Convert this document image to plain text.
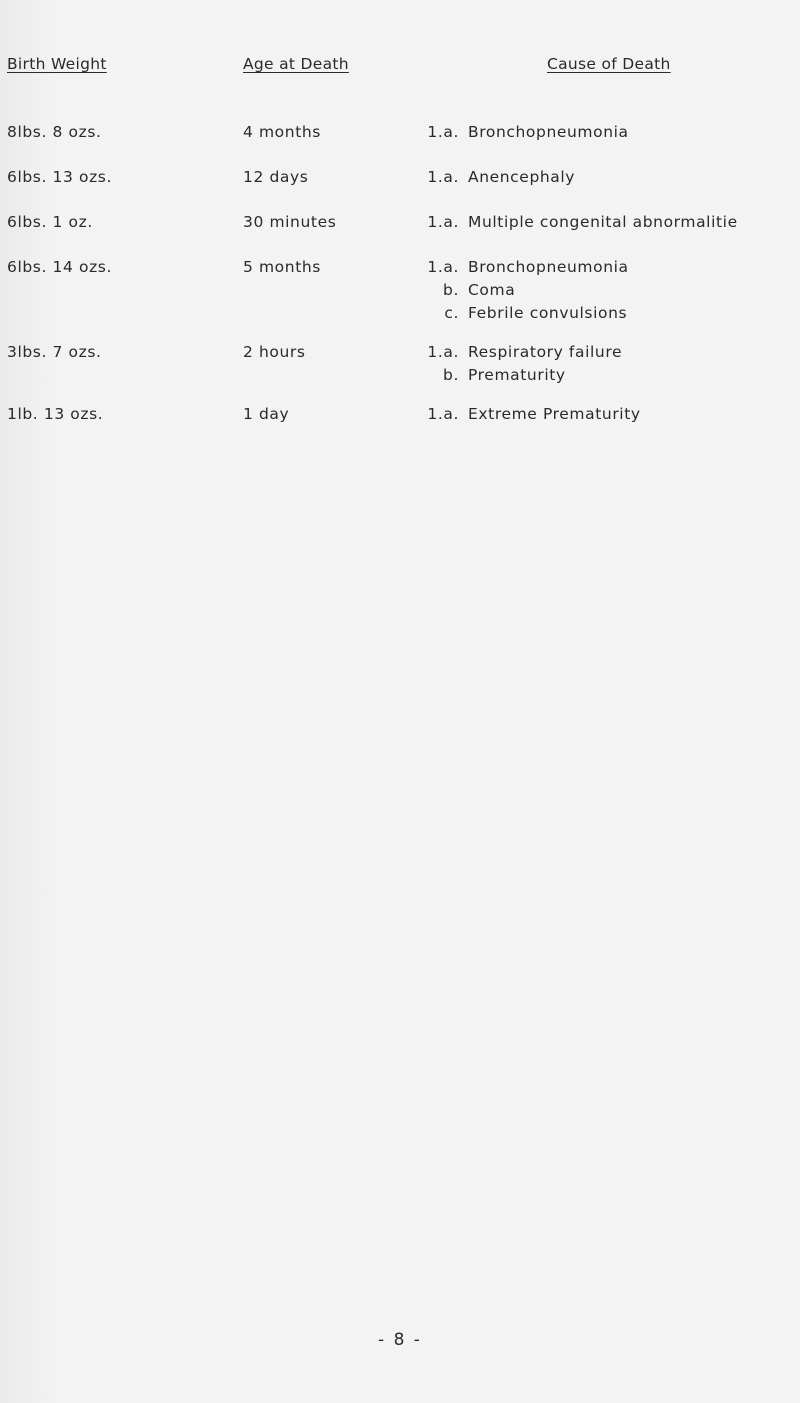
Birth Weight	Age at Death	Cause of Death
8lbs. 8 ozs.	4 months	1.a. Bronchopneumonia
6lbs. 13 ozs.	12 days	1.a. Anencephaly
6lbs. 1 oz.	30 minutes	1.a. Multiple congenital abnormalitie
6lbs. 14 ozs.	5 months	1.a. Bronchopneumonia
b. Coma
c. Febrile convulsions
3lbs. 7 ozs.	2 hours	1.a. Respiratory failure
b. Prematurity
1lb. 13 ozs.	1 day	1.a. Extreme Prematurity
- 8 -
